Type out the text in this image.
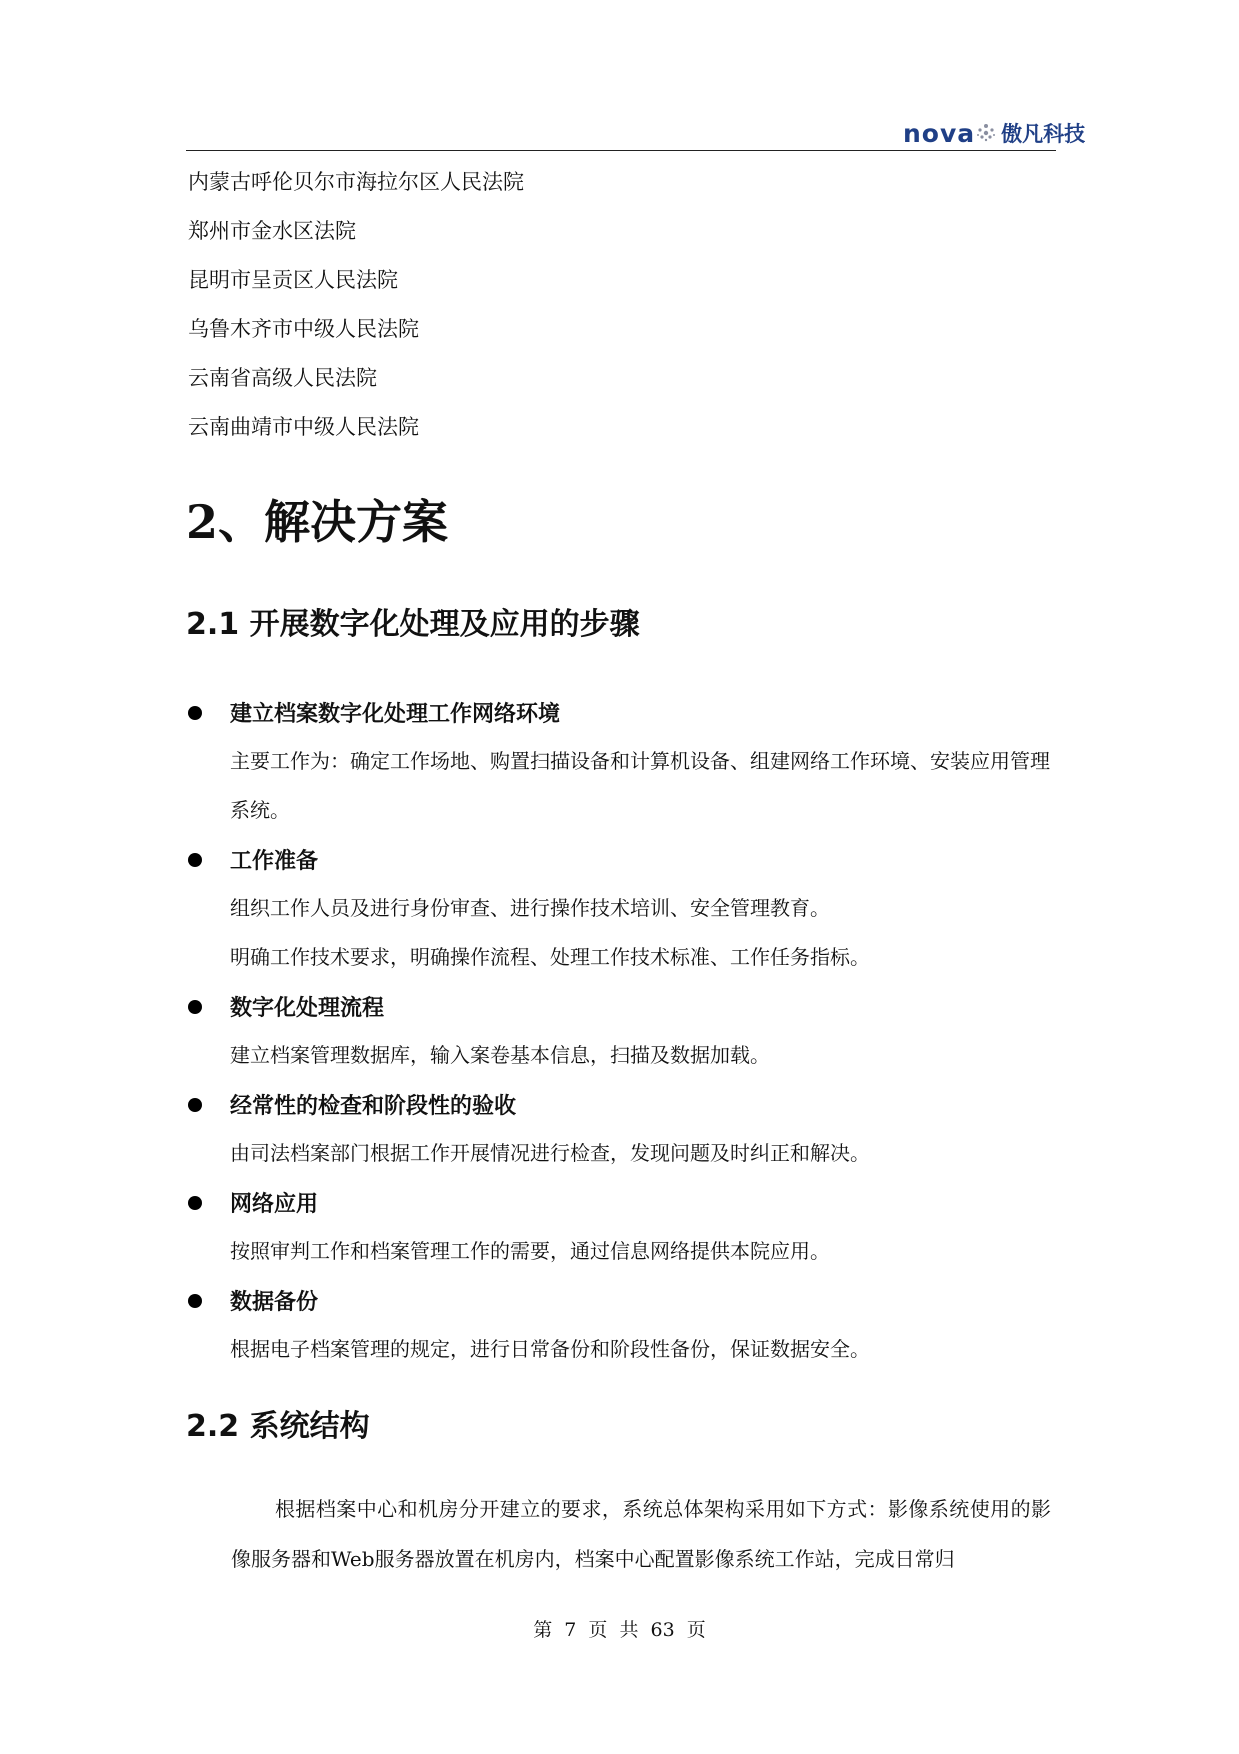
nova 傲凡科技
内蒙古呼伦贝尔市海拉尔区人民法院
郑州市金水区法院
昆明市呈贡区人民法院
乌鲁木齐市中级人民法院
云南省高级人民法院
云南曲靖市中级人民法院
2、解决方案
2.1 开展数字化处理及应用的步骤
建立档案数字化处理工作网络环境
主要工作为：确定工作场地、购置扫描设备和计算机设备、组建网络工作环境、安装应用管理系统。
工作准备
组织工作人员及进行身份审查、进行操作技术培训、安全管理教育。
明确工作技术要求，明确操作流程、处理工作技术标准、工作任务指标。
数字化处理流程
建立档案管理数据库，输入案卷基本信息，扫描及数据加载。
经常性的检查和阶段性的验收
由司法档案部门根据工作开展情况进行检查，发现问题及时纠正和解决。
网络应用
按照审判工作和档案管理工作的需要，通过信息网络提供本院应用。
数据备份
根据电子档案管理的规定，进行日常备份和阶段性备份，保证数据安全。
2.2 系统结构
根据档案中心和机房分开建立的要求，系统总体架构采用如下方式：影像系统使用的影像服务器和Web服务器放置在机房内，档案中心配置影像系统工作站，完成日常归
第 7 页 共 63 页
